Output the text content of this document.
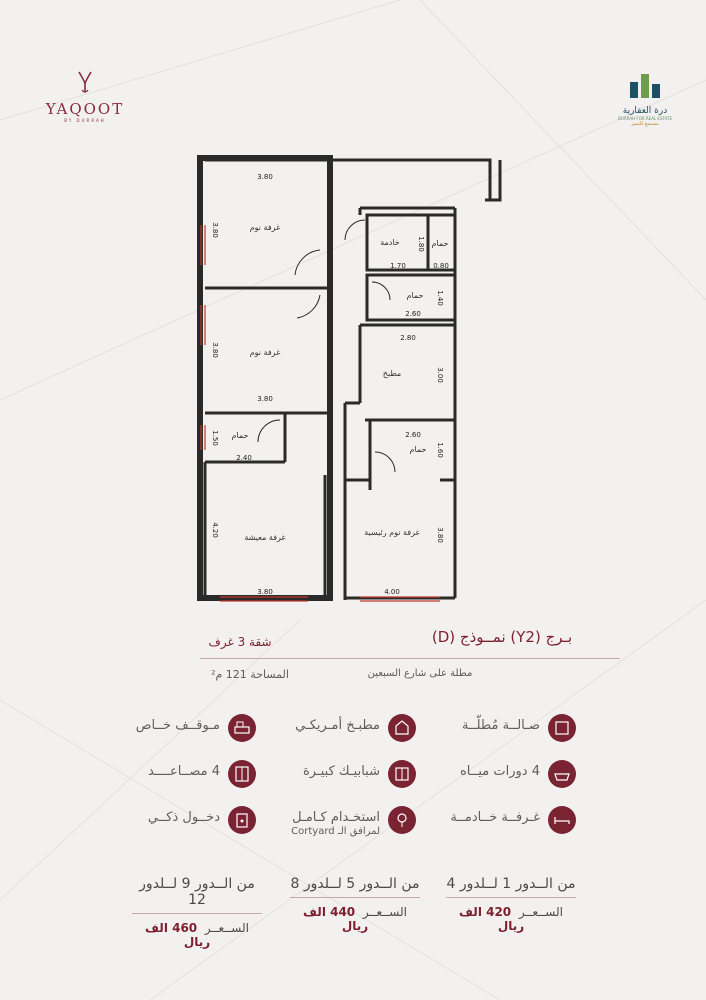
YAQOOT
BY DURRAH
درة العقارية
DURRAH FOR REAL ESTATE
مستمع للتميز
غرفة نوم
غرفة نوم
حمام
غرفة معيشة
خادمة	حمام
حمام
مطبخ
حمام
غرفة نوم رئيسية
3.80
3.80
3.80
3.80
1.50
2.40
4.20
3.80
1.80
1.70	0.80
1.40
2.60
2.80
3.00
2.60
1.60
3.80
4.00
بـرج (Y2) نمــوذج (D)
شقة 3 غرف
مطلة على شارع السبعين
المساحة 121 م²
صـالــة مُطلّــة
مطبـخ أمـريكـي
مـوقــف خــاص
4 دورات ميــاه
شبابيـك كبيـرة
4 مصــاعــــد
غـرفــة خــادمــة
استخـدام كـامـل
لمرافق الـ Cortyard
دخــول ذكــي
من الــدور 1 لــلدور 4
الســعــر  420 الف ريال
من الــدور 5 لــلدور 8
الســعــر  440 الف ريال
من الــدور 9 لــلدور 12
الســعــر  460 الف ريال
